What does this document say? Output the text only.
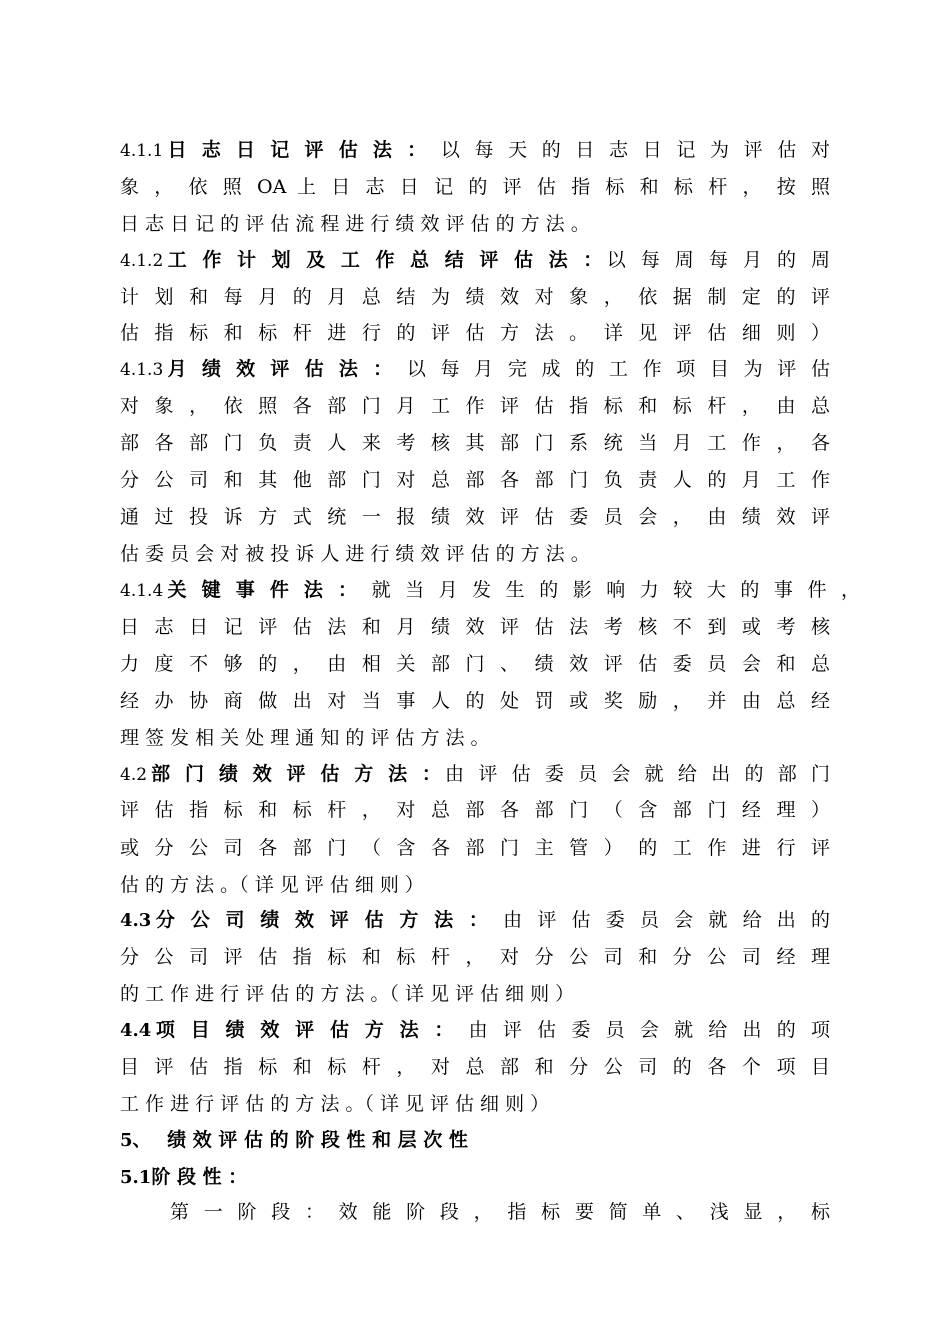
4.1.1日 志 日 记 评 估 法 ： 以 每 天 的 日 志 日 记 为 评 估 对
象 ， 依 照 OA 上 日 志 日 记 的 评 估 指 标 和 标 杆 ， 按 照
日 志 日 记 的 评 估 流 程 进 行 绩 效 评 估 的 方 法 。
4.1.2工 作 计 划 及 工 作 总 结 评 估 法 ：以 每 周 每 月 的 周
计 划 和 每 月 的 月 总 结 为 绩 效 对 象 ， 依 据 制 定 的 评
估 指 标 和 标 杆 进 行 的 评 估 方 法 。 详 见 评 估 细 则 ）
4.1.3月 绩 效 评 估 法 ： 以 每 月 完 成 的 工 作 项 目 为 评 估
对 象 ， 依 照 各 部 门 月 工 作 评 估 指 标 和 标 杆 ， 由 总
部 各 部 门 负 责 人 来 考 核 其 部 门 系 统 当 月 工 作 ， 各
分 公 司 和 其 他 部 门 对 总 部 各 部 门 负 责 人 的 月 工 作
通 过 投 诉 方 式 统 一 报 绩 效 评 估 委 员 会 ， 由 绩 效 评
估 委 员 会 对 被 投 诉 人 进 行 绩 效 评 估 的 方 法 。
4.1.4关 键 事 件 法 ： 就 当 月 发 生 的 影 响 力 较 大 的 事 件 ，
日 志 日 记 评 估 法 和 月 绩 效 评 估 法 考 核 不 到 或 考 核
力 度 不 够 的 ， 由 相 关 部 门 、 绩 效 评 估 委 员 会 和 总
经 办 协 商 做 出 对 当 事 人 的 处 罚 或 奖 励 ， 并 由 总 经
理 签 发 相 关 处 理 通 知 的 评 估 方 法 。
4.2部 门 绩 效 评 估 方 法 ：由 评 估 委 员 会 就 给 出 的 部 门
评 估 指 标 和 标 杆 ， 对 总 部 各 部 门 （ 含 部 门 经 理 ）
或 分 公 司 各 部 门 （ 含 各 部 门 主 管 ） 的 工 作 进 行 评
估 的 方 法 。（ 详 见 评 估 细 则 ）
4.3分 公 司 绩 效 评 估 方 法 ： 由 评 估 委 员 会 就 给 出 的
分 公 司 评 估 指 标 和 标 杆 ， 对 分 公 司 和 分 公 司 经 理
的 工 作 进 行 评 估 的 方 法 。（ 详 见 评 估 细 则 ）
4.4项 目 绩 效 评 估 方 法 ： 由 评 估 委 员 会 就 给 出 的 项
目 评 估 指 标 和 标 杆 ， 对 总 部 和 分 公 司 的 各 个 项 目
工 作 进 行 评 估 的 方 法 。（ 详 见 评 估 细 则 ）
5、　 绩 效 评 估 的 阶 段 性 和 层 次 性
5.1阶 段 性 ：
第 一 阶 段 ： 效 能 阶 段 ， 指 标 要 简 单 、 浅 显 ， 标
